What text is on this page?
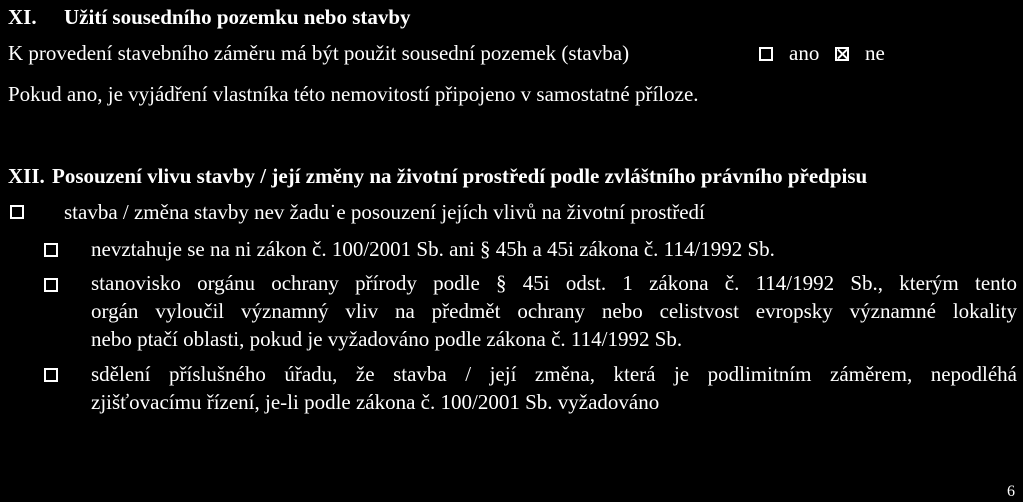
XI. Užití sousedního pozemku nebo stavby
K provedení stavebního záměru má být použit sousední pozemek (stavba)	ano ne
Pokud ano, je vyjádření vlastníka této nemovitostí připojeno v samostatné příloze.
XII. Posouzení vlivu stavby / její změny na životní prostředí podle zvláštního právního předpisu
stavba / změna stavby nev žadu˙e posouzení jejích vlivů na životní prostředí
nevztahuje se na ni zákon č. 100/2001 Sb. ani § 45h a 45i zákona č. 114/1992 Sb.
stanovisko orgánu ochrany přírody podle § 45i odst. 1 zákona č. 114/1992 Sb., kterým tento
orgán vyloučil významný vliv na předmět ochrany nebo celistvost evropsky významné lokality
nebo ptačí oblasti, pokud je vyžadováno podle zákona č. 114/1992 Sb.
sdělení příslušného úřadu, že stavba / její změna, která je podlimitním záměrem, nepodléhá
zjišťovacímu řízení, je-li podle zákona č. 100/2001 Sb. vyžadováno
6
